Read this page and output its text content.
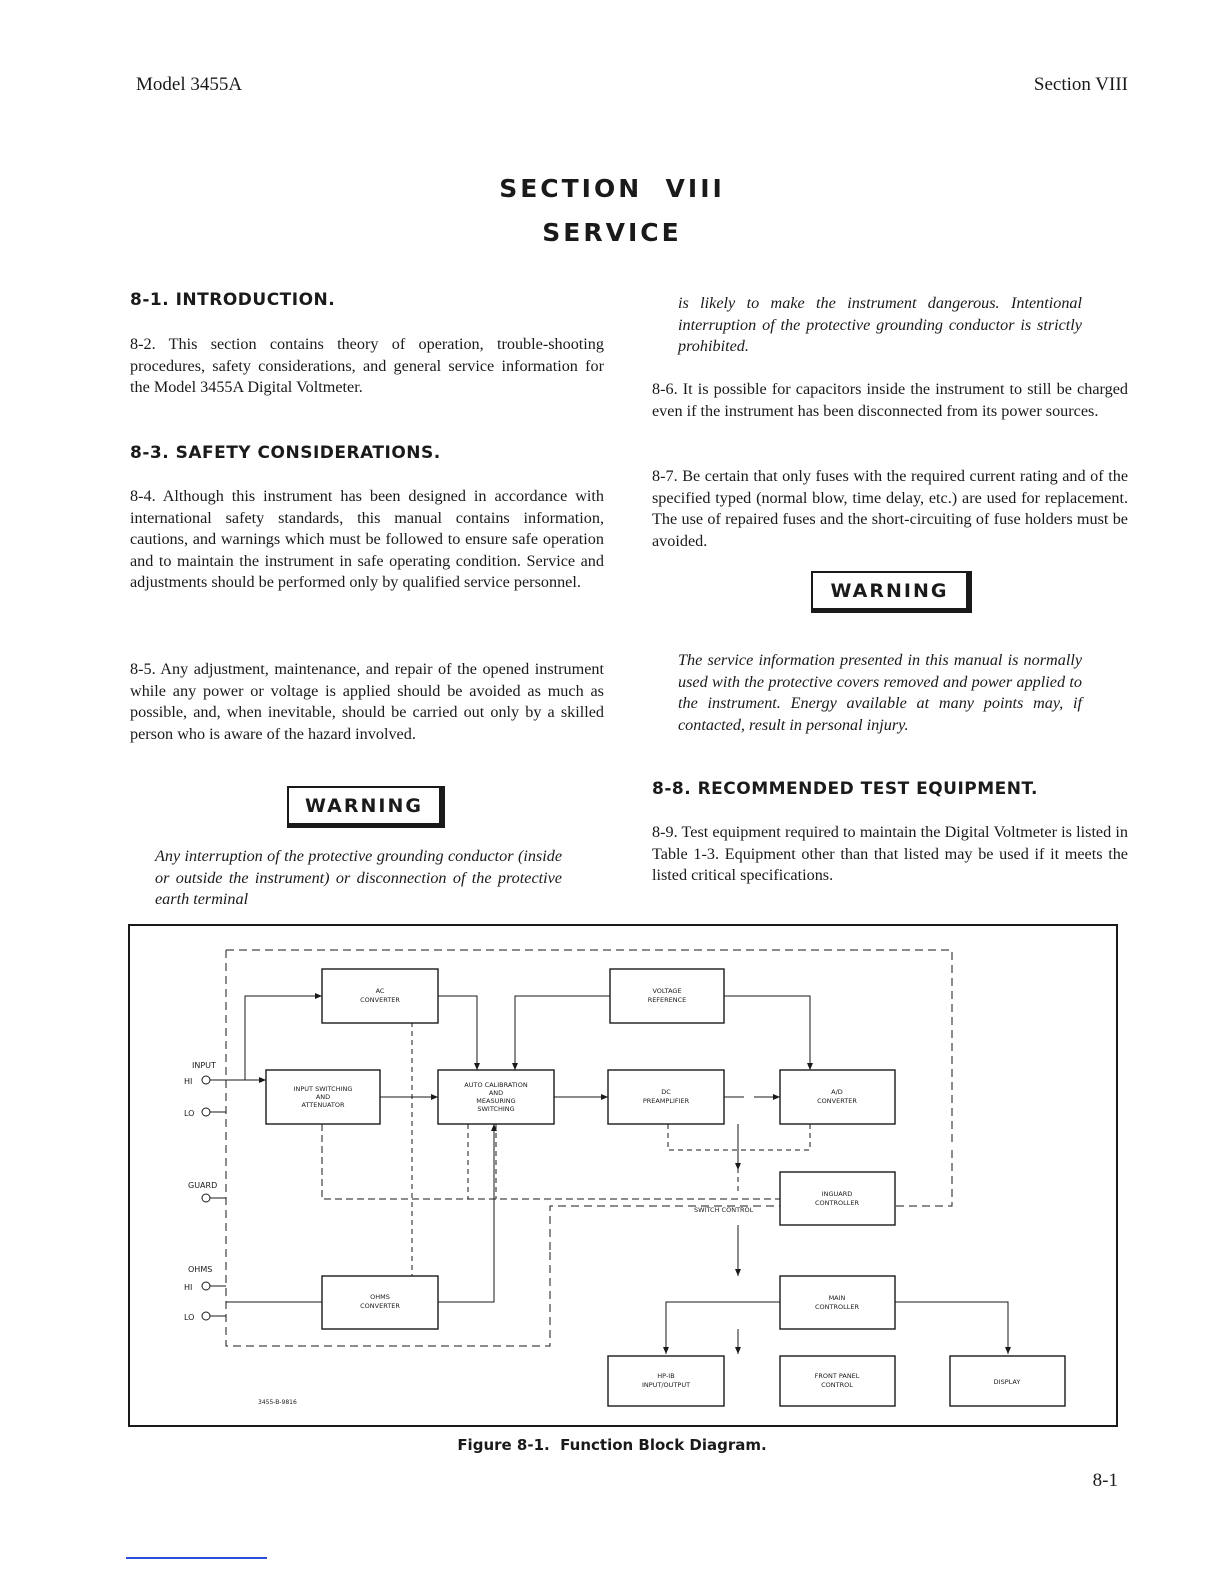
Model 3455A	Section VIII
SECTION  VIII
SERVICE
8-1. INTRODUCTION.
8-2. This section contains theory of operation, trouble-shooting procedures, safety considerations, and general service information for the Model 3455A Digital Voltmeter.
8-3. SAFETY CONSIDERATIONS.
8-4. Although this instrument has been designed in accordance with international safety standards, this manual contains information, cautions, and warnings which must be followed to ensure safe operation and to maintain the instrument in safe operating condition. Service and adjustments should be performed only by qualified service personnel.
8-5. Any adjustment, maintenance, and repair of the opened instrument while any power or voltage is applied should be avoided as much as possible, and, when inevitable, should be carried out only by a skilled person who is aware of the hazard involved.
WARNING
Any interruption of the protective grounding conductor (inside or outside the instrument) or disconnection of the protective earth terminal
is likely to make the instrument dangerous. Intentional interruption of the protective grounding conductor is strictly prohibited.
8-6. It is possible for capacitors inside the instrument to still be charged even if the instrument has been disconnected from its power sources.
8-7. Be certain that only fuses with the required current rating and of the specified typed (normal blow, time delay, etc.) are used for replacement. The use of repaired fuses and the short-circuiting of fuse holders must be avoided.
WARNING
The service information presented in this manual is normally used with the protective covers removed and power applied to the instrument. Energy available at many points may, if contacted, result in personal injury.
8-8. RECOMMENDED TEST EQUIPMENT.
8-9. Test equipment required to maintain the Digital Voltmeter is listed in Table 1-3. Equipment other than that listed may be used if it meets the listed critical specifications.
INPUT
HI
LO
GUARD
OHMS
HI
LO
SWITCH CONTROL
3455-B-9816
AC
CONVERTER
INPUT SWITCHING
AND
ATTENUATOR
OHMS
CONVERTER
AUTO CALIBRATION
AND
MEASURING
SWITCHING
VOLTAGE
REFERENCE
DC
PREAMPLIFIER
A/D
CONVERTER
INGUARD
CONTROLLER
MAIN
CONTROLLER
HP-IB
INPUT/OUTPUT
FRONT PANEL
CONTROL	DISPLAY
Figure 8-1.  Function Block Diagram.
8-1
